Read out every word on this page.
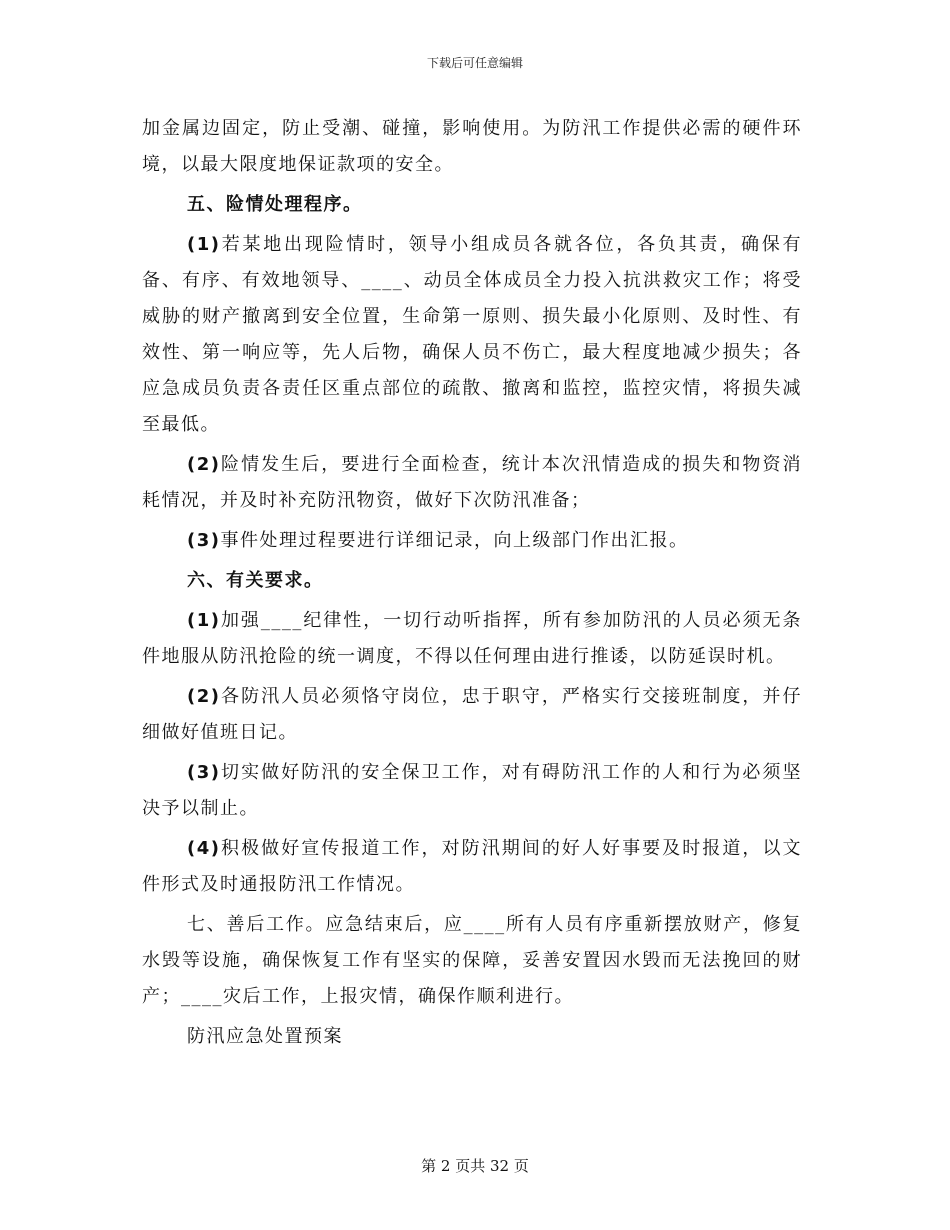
下载后可任意编辑

加金属边固定，防止受潮、碰撞，影响使用。为防汛工作提供必需的硬件环境，以最大限度地保证款项的安全。

五、险情处理程序。

(1)若某地出现险情时，领导小组成员各就各位，各负其责，确保有备、有序、有效地领导、____、动员全体成员全力投入抗洪救灾工作；将受威胁的财产撤离到安全位置，生命第一原则、损失最小化原则、及时性、有效性、第一响应等，先人后物，确保人员不伤亡，最大程度地减少损失；各应急成员负责各责任区重点部位的疏散、撤离和监控，监控灾情，将损失减至最低。

(2)险情发生后，要进行全面检查，统计本次汛情造成的损失和物资消耗情况，并及时补充防汛物资，做好下次防汛准备；

(3)事件处理过程要进行详细记录，向上级部门作出汇报。

六、有关要求。

(1)加强____纪律性，一切行动听指挥，所有参加防汛的人员必须无条件地服从防汛抢险的统一调度，不得以任何理由进行推诿，以防延误时机。

(2)各防汛人员必须恪守岗位，忠于职守，严格实行交接班制度，并仔细做好值班日记。

(3)切实做好防汛的安全保卫工作，对有碍防汛工作的人和行为必须坚决予以制止。

(4)积极做好宣传报道工作，对防汛期间的好人好事要及时报道，以文件形式及时通报防汛工作情况。

七、善后工作。应急结束后，应____所有人员有序重新摆放财产，修复水毁等设施，确保恢复工作有坚实的保障，妥善安置因水毁而无法挽回的财产；____灾后工作，上报灾情，确保作顺利进行。

防汛应急处置预案

第 2 页共 32 页
